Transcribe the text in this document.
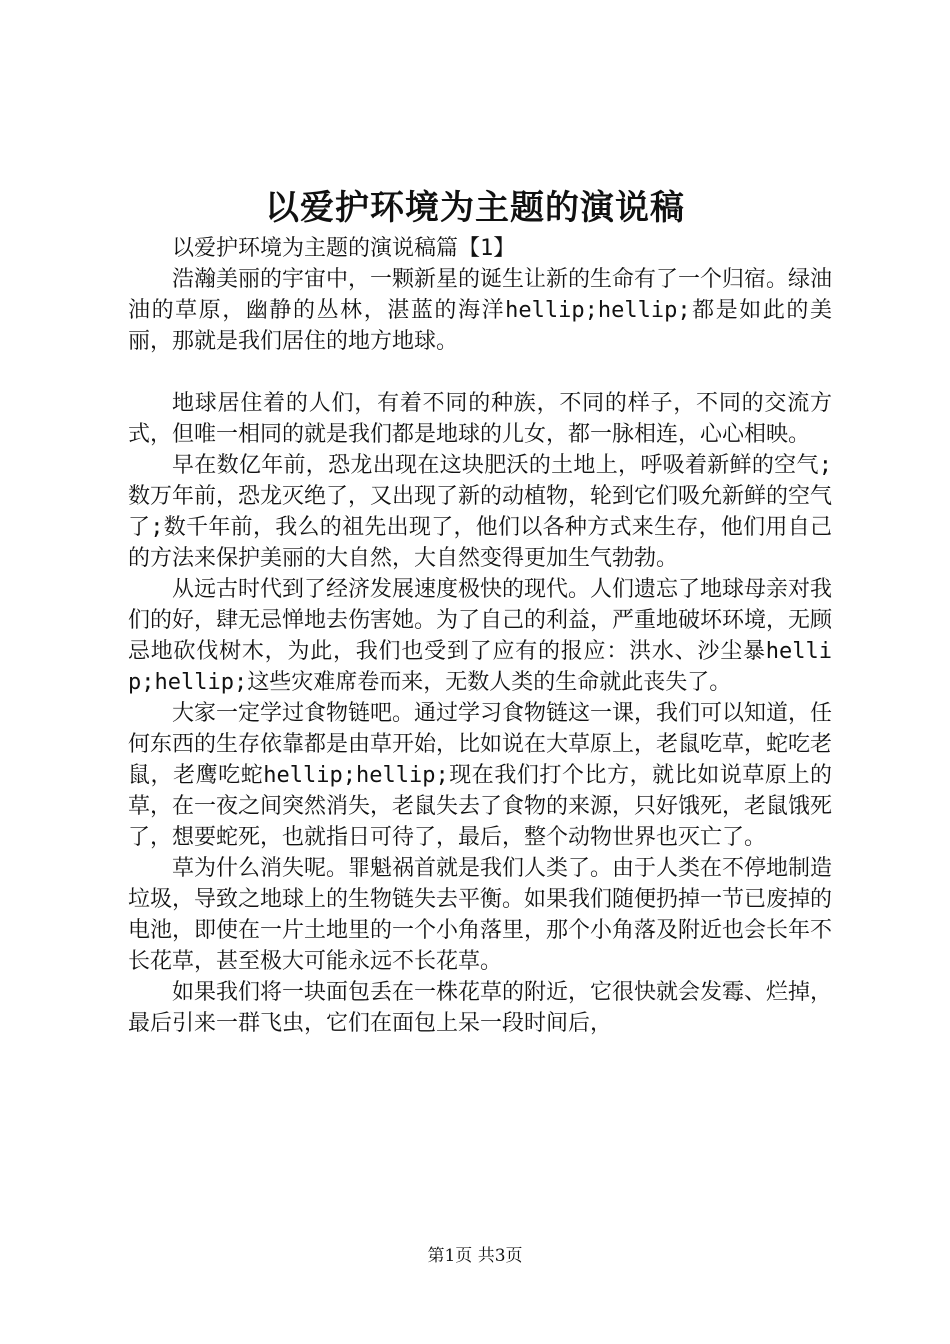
以爱护环境为主题的演说稿

以爱护环境为主题的演说稿篇【1】

浩瀚美丽的宇宙中，一颗新星的诞生让新的生命有了一个归宿。绿油油的草原，幽静的丛林，湛蓝的海洋hellip;hellip;都是如此的美丽，那就是我们居住的地方地球。

地球居住着的人们，有着不同的种族，不同的样子，不同的交流方式，但唯一相同的就是我们都是地球的儿女，都一脉相连，心心相映。

早在数亿年前，恐龙出现在这块肥沃的土地上，呼吸着新鲜的空气;数万年前，恐龙灭绝了，又出现了新的动植物，轮到它们吸允新鲜的空气了;数千年前，我么的祖先出现了，他们以各种方式来生存，他们用自己的方法来保护美丽的大自然，大自然变得更加生气勃勃。

从远古时代到了经济发展速度极快的现代。人们遗忘了地球母亲对我们的好，肆无忌惮地去伤害她。为了自己的利益，严重地破坏环境，无顾忌地砍伐树木，为此，我们也受到了应有的报应：洪水、沙尘暴hellip;hellip;这些灾难席卷而来，无数人类的生命就此丧失了。

大家一定学过食物链吧。通过学习食物链这一课，我们可以知道，任何东西的生存依靠都是由草开始，比如说在大草原上，老鼠吃草，蛇吃老鼠，老鹰吃蛇hellip;hellip;现在我们打个比方，就比如说草原上的草，在一夜之间突然消失，老鼠失去了食物的来源，只好饿死，老鼠饿死了，想要蛇死，也就指日可待了，最后，整个动物世界也灭亡了。

草为什么消失呢。罪魁祸首就是我们人类了。由于人类在不停地制造垃圾，导致之地球上的生物链失去平衡。如果我们随便扔掉一节已废掉的电池，即使在一片土地里的一个小角落里，那个小角落及附近也会长年不长花草，甚至极大可能永远不长花草。

如果我们将一块面包丢在一株花草的附近，它很快就会发霉、烂掉，最后引来一群飞虫，它们在面包上呆一段时间后，

第1页 共3页
